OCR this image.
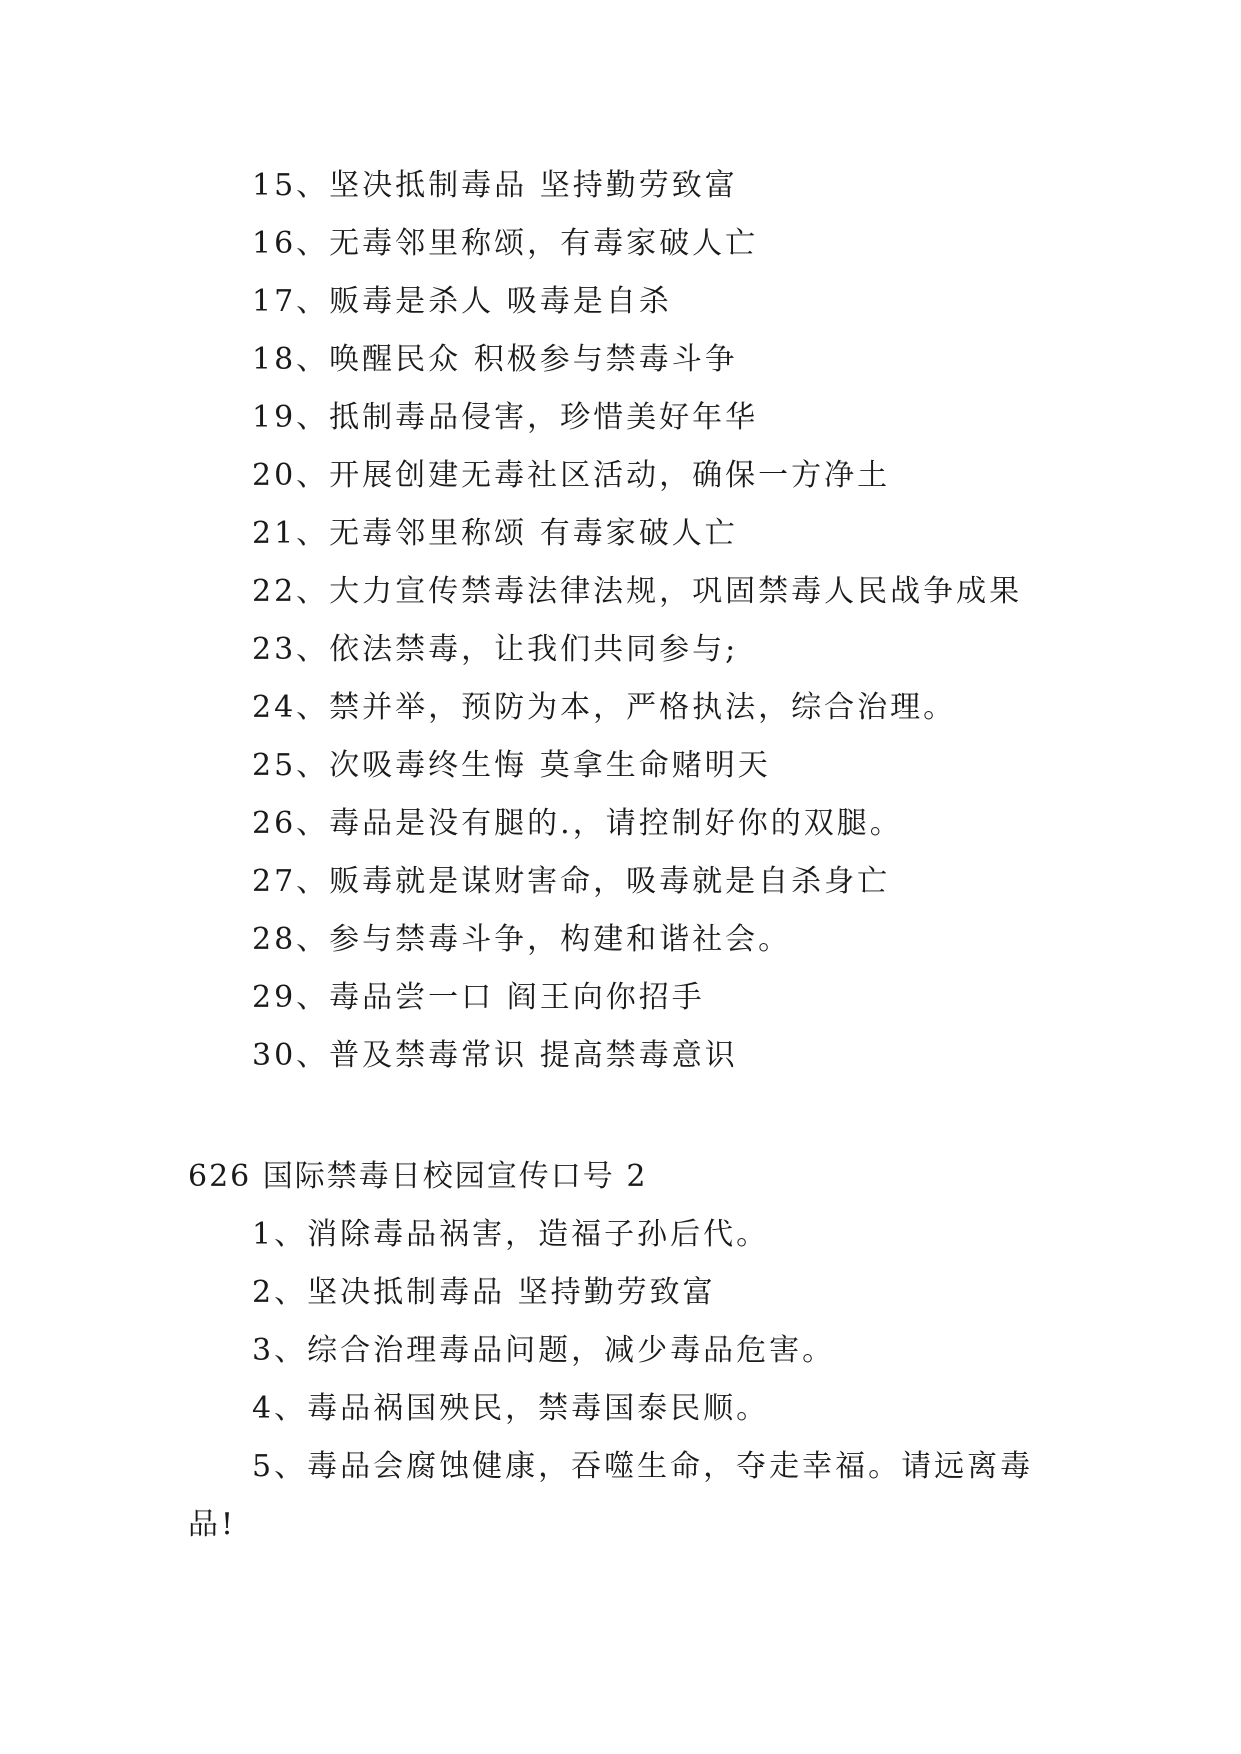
15、坚决抵制毒品 坚持勤劳致富
16、无毒邻里称颂，有毒家破人亡
17、贩毒是杀人 吸毒是自杀
18、唤醒民众 积极参与禁毒斗争
19、抵制毒品侵害，珍惜美好年华
20、开展创建无毒社区活动，确保一方净土
21、无毒邻里称颂 有毒家破人亡
22、大力宣传禁毒法律法规，巩固禁毒人民战争成果
23、依法禁毒，让我们共同参与;
24、禁并举，预防为本，严格执法，综合治理。
25、次吸毒终生悔 莫拿生命赌明天
26、毒品是没有腿的.，请控制好你的双腿。
27、贩毒就是谋财害命，吸毒就是自杀身亡
28、参与禁毒斗争，构建和谐社会。
29、毒品尝一口 阎王向你招手
30、普及禁毒常识 提高禁毒意识
626 国际禁毒日校园宣传口号 2
1、消除毒品祸害，造福子孙后代。
2、坚决抵制毒品 坚持勤劳致富
3、综合治理毒品问题，减少毒品危害。
4、毒品祸国殃民，禁毒国泰民顺。
5、毒品会腐蚀健康，吞噬生命，夺走幸福。请远离毒
品!
